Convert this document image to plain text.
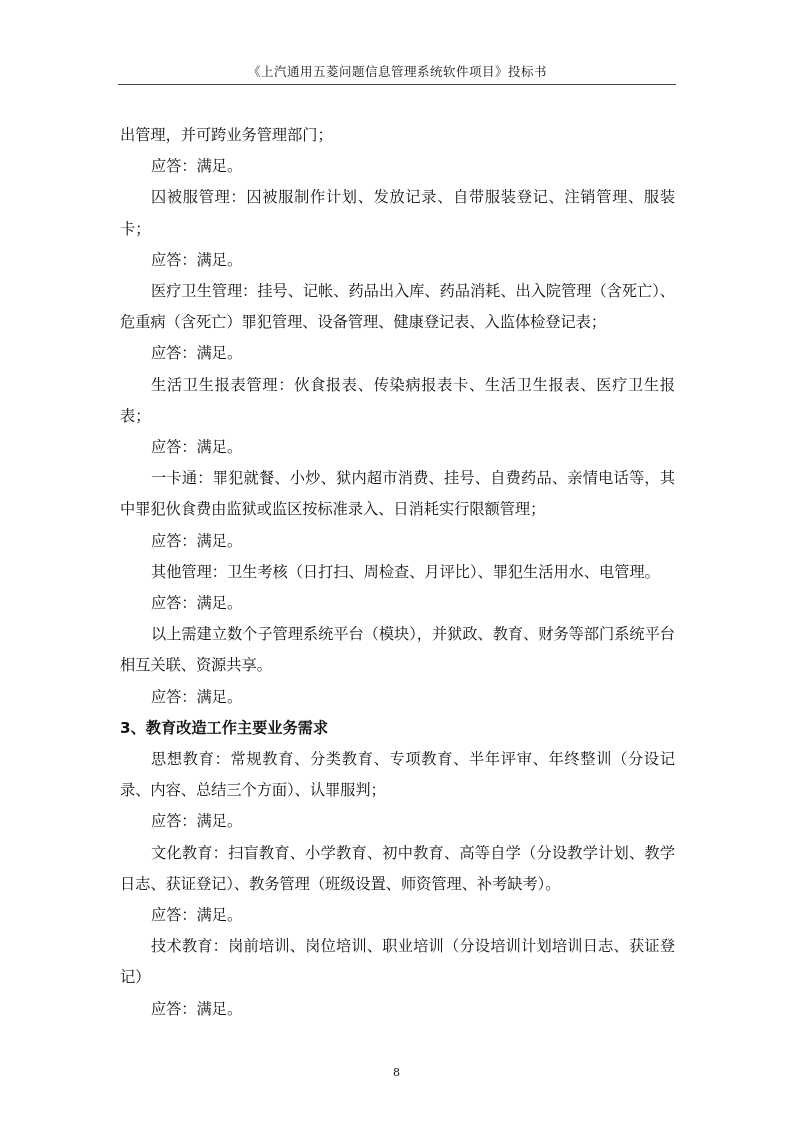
《上汽通用五菱问题信息管理系统软件项目》投标书

出管理，并可跨业务管理部门；

应答：满足。

囚被服管理：囚被服制作计划、发放记录、自带服装登记、注销管理、服装卡；

应答：满足。

医疗卫生管理：挂号、记帐、药品出入库、药品消耗、出入院管理（含死亡）、危重病（含死亡）罪犯管理、设备管理、健康登记表、入监体检登记表；

应答：满足。

生活卫生报表管理：伙食报表、传染病报表卡、生活卫生报表、医疗卫生报表；

应答：满足。

一卡通：罪犯就餐、小炒、狱内超市消费、挂号、自费药品、亲情电话等，其中罪犯伙食费由监狱或监区按标准录入、日消耗实行限额管理；

应答：满足。

其他管理：卫生考核（日打扫、周检查、月评比）、罪犯生活用水、电管理。

应答：满足。

以上需建立数个子管理系统平台（模块），并狱政、教育、财务等部门系统平台相互关联、资源共享。

应答：满足。

3、教育改造工作主要业务需求

思想教育：常规教育、分类教育、专项教育、半年评审、年终整训（分设记录、内容、总结三个方面）、认罪服判；

应答：满足。

文化教育：扫盲教育、小学教育、初中教育、高等自学（分设教学计划、教学日志、获证登记）、教务管理（班级设置、师资管理、补考缺考）。

应答：满足。

技术教育：岗前培训、岗位培训、职业培训（分设培训计划培训日志、获证登记）

应答：满足。

8
